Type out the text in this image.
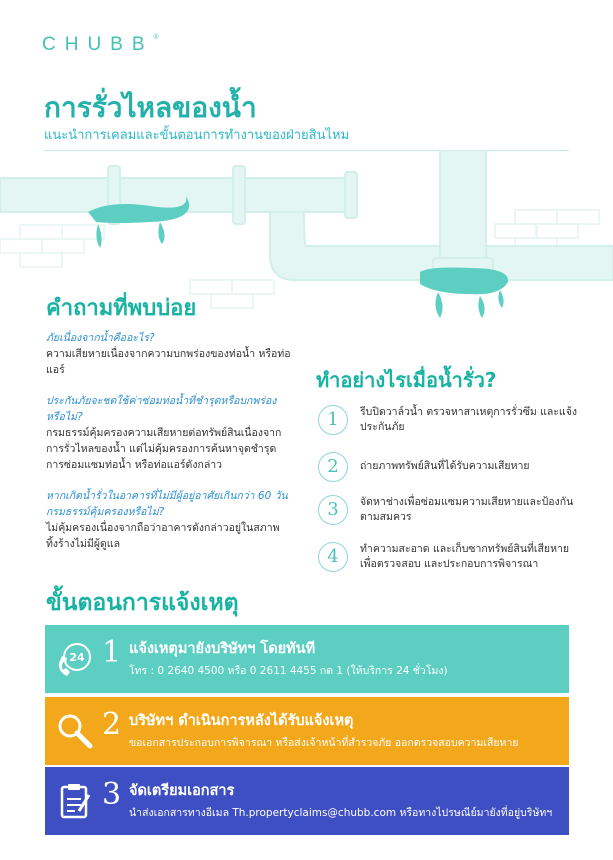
CHUBB®
การรั่วไหลของน้ำ
แนะนำการเคลมและขั้นตอนการทำงานของฝ่ายสินไหม
คำถามที่พบบ่อย
ภัยเนื่องจากน้ำคืออะไร?
ความเสียหายเนื่องจากความบกพร่องของท่อน้ำ หรือท่อแอร์
ประกันภัยจะชดใช้ค่าซ่อมท่อน้ำที่ชำรุดหรือบกพร่องหรือไม่?
กรมธรรม์คุ้มครองความเสียหายต่อทรัพย์สินเนื่องจากการรั่วไหลของน้ำ แต่ไม่คุ้มครองการค้นหาจุดชำรุด การซ่อมแซมท่อน้ำ หรือท่อแอร์ดังกล่าว
หากเกิดน้ำรั่วในอาคารที่ไม่มีผู้อยู่อาศัยเกินกว่า 60 วัน กรมธรรม์คุ้มครองหรือไม่?
ไม่คุ้มครองเนื่องจากถือว่าอาคารดังกล่าวอยู่ในสภาพทิ้งร้างไม่มีผู้ดูแล
ทำอย่างไรเมื่อน้ำรั่ว?
1	รีบปิดวาล์วน้ำ ตรวจหาสาเหตุการรั่วซึม และแจ้งประกันภัย
2	ถ่ายภาพทรัพย์สินที่ได้รับความเสียหาย
3	จัดหาช่างเพื่อซ่อมแซมความเสียหายและป้องกันตามสมควร
4	ทำความสะอาด และเก็บซากทรัพย์สินที่เสียหายเพื่อตรวจสอบ และประกอบการพิจารณา
ขั้นตอนการแจ้งเหตุ
24 1 แจ้งเหตุมายังบริษัทฯ โดยทันที
โทร : 0 2640 4500 หรือ 0 2611 4455 กด 1 (ให้บริการ 24 ชั่วโมง)
2 บริษัทฯ ดำเนินการหลังได้รับแจ้งเหตุ
ขอเอกสารประกอบการพิจารณา หรือส่งเจ้าหน้าที่สำรวจภัย ออกตรวจสอบความเสียหาย
3 จัดเตรียมเอกสาร
นำส่งเอกสารทางอีเมล Th.propertyclaims@chubb.com หรือทางไปรษณีย์มายังที่อยู่บริษัทฯ
